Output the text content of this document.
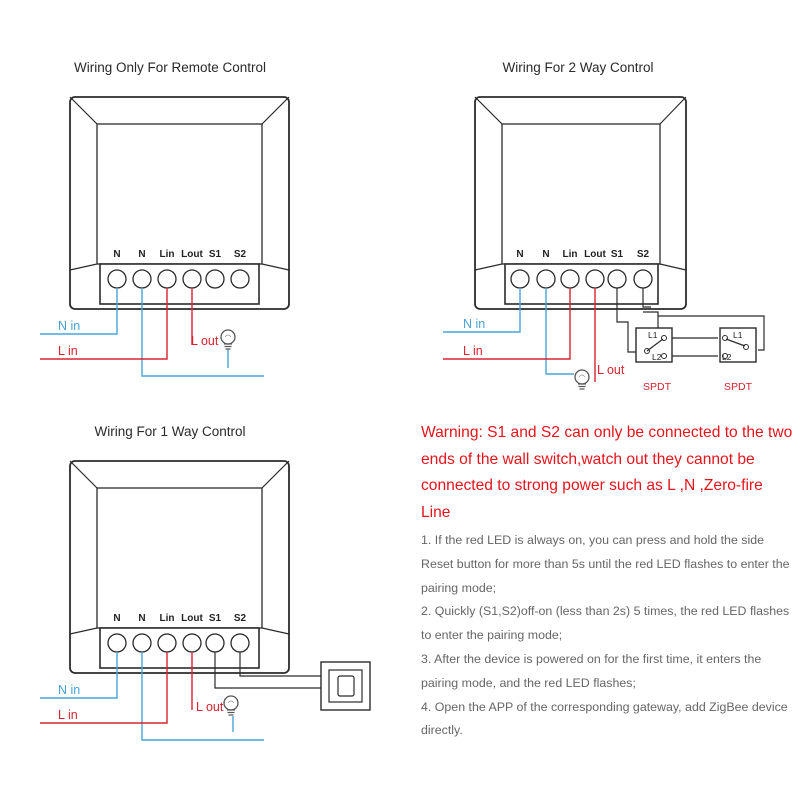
Wiring Only For Remote Control
N N Lin Lout S1 S2
N in
L in
L out
Wiring For 2 Way Control
N N Lin Lout S1 S2
L1
L2
SPDT
L1
L2
SPDT
N in
L in
L out
Wiring For 1 Way Control
N N Lin Lout S1 S2
N in
L in
L out

Warning: S1 and S2 can only be connected to the two ends of the wall switch,watch out they cannot be connected to strong power such as L ,N ,Zero-fire Line

1. If the red LED is always on, you can press and hold the side Reset button for more than 5s until the red LED flashes to enter the pairing mode;
2. Quickly (S1,S2)off-on (less than 2s) 5 times, the red LED flashes to enter the pairing mode;
3. After the device is powered on for the first time, it enters the pairing mode, and the red LED flashes;
4. Open the APP of the corresponding gateway, add ZigBee device directly.
